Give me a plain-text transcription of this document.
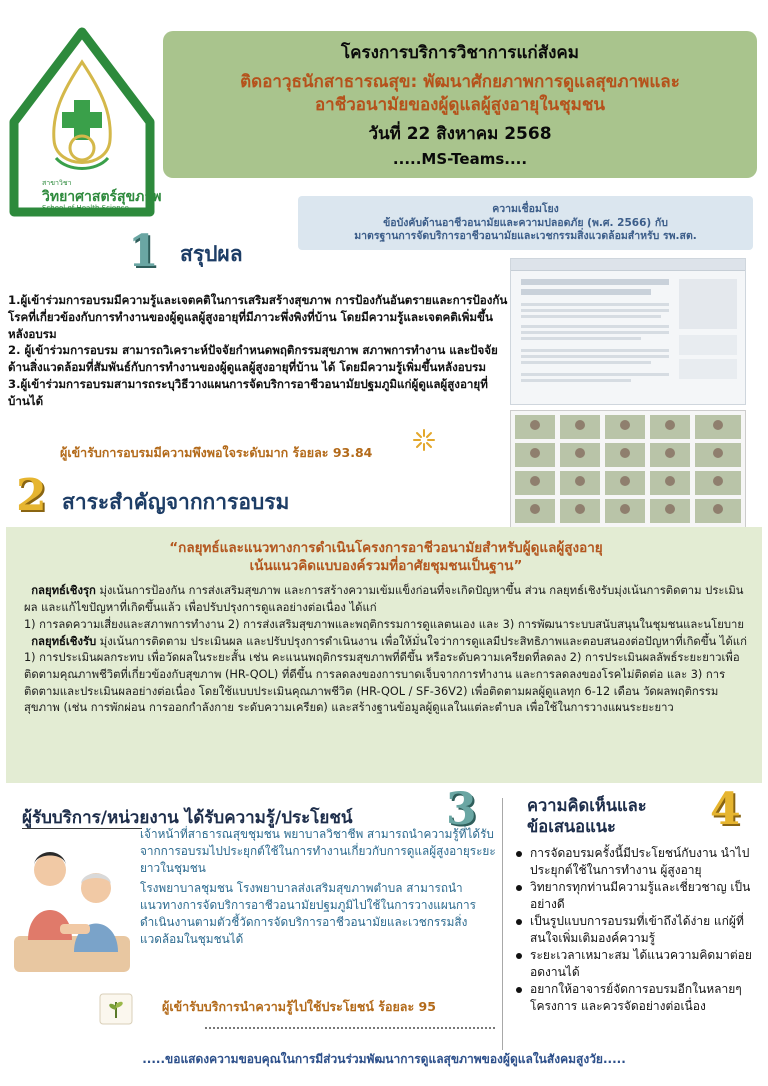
สาขาวิชา
วิทยาศาสตร์สุขภาพ
School of Health Science
โครงการบริการวิชาการแก่สังคม
ติดอาวุธนักสาธารณสุข: พัฒนาศักยภาพการดูแลสุขภาพและ
อาชีวอนามัยของผู้ดูแลผู้สูงอายุในชุมชน
วันที่ 22 สิงหาคม 2568
.....MS-Teams....
ความเชื่อมโยง
ข้อบังคับด้านอาชีวอนามัยและความปลอดภัย (พ.ศ. 2566) กับ
มาตรฐานการจัดบริการอาชีวอนามัยและเวชกรรมสิ่งแวดล้อมสำหรับ รพ.สต.
1 สรุปผล

1.ผู้เข้าร่วมการอบรมมีความรู้และเจตคติในการเสริมสร้างสุขภาพ การป้องกันอันตรายและการป้องกันโรคที่เกี่ยวข้องกับการทำงานของผู้ดูแลผู้สูงอายุที่มีภาวะพึ่งพิงที่บ้าน โดยมีความรู้และเจตคติเพิ่มขึ้นหลังอบรม

2. ผู้เข้าร่วมการอบรม สามารถวิเคราะห์ปัจจัยกำหนดพฤติกรรมสุขภาพ สภาพการทำงาน และปัจจัยด้านสิ่งแวดล้อมที่สัมพันธ์กับการทำงานของผู้ดูแลผู้สูงอายุที่บ้าน ได้ โดยมีความรู้เพิ่มขึ้นหลังอบรม

3.ผู้เข้าร่วมการอบรมสามารถระบุวิธีวางแผนการจัดบริการอาชีวอนามัยปฐมภูมิแก่ผู้ดูแลผู้สูงอายุที่บ้านได้

ผู้เข้ารับการอบรมมีความพึงพอใจระดับมาก ร้อยละ 93.84
2 สาระสำคัญจากการอบรม
“กลยุทธ์และแนวทางการดำเนินโครงการอาชีวอนามัยสำหรับผู้ดูแลผู้สูงอายุ
เน้นแนวคิดแบบองค์รวมที่อาศัยชุมชนเป็นฐาน”

กลยุทธ์เชิงรุก มุ่งเน้นการป้องกัน การส่งเสริมสุขภาพ และการสร้างความเข้มแข็งก่อนที่จะเกิดปัญหาขึ้น ส่วน กลยุทธ์เชิงรับมุ่งเน้นการติดตาม ประเมินผล และแก้ไขปัญหาที่เกิดขึ้นแล้ว เพื่อปรับปรุงการดูแลอย่างต่อเนื่อง ได้แก่

1) การลดความเสี่ยงและสภาพการทำงาน 2) การส่งเสริมสุขภาพและพฤติกรรมการดูแลตนเอง และ 3) การพัฒนาระบบสนับสนุนในชุมชนและนโยบาย

กลยุทธ์เชิงรับ มุ่งเน้นการติดตาม ประเมินผล และปรับปรุงการดำเนินงาน เพื่อให้มั่นใจว่าการดูแลมีประสิทธิภาพและตอบสนองต่อปัญหาที่เกิดขึ้น ได้แก่ 1) การประเมินผลกระทบ เพื่อวัดผลในระยะสั้น เช่น คะแนนพฤติกรรมสุขภาพที่ดีขึ้น หรือระดับความเครียดที่ลดลง 2) การประเมินผลลัพธ์ระยะยาวเพื่อติดตามคุณภาพชีวิตที่เกี่ยวข้องกับสุขภาพ (HR-QOL) ที่ดีขึ้น การลดลงของการบาดเจ็บจากการทำงาน และการลดลงของโรคไม่ติดต่อ และ 3) การติดตามและประเมินผลอย่างต่อเนื่อง โดยใช้แบบประเมินคุณภาพชีวิต (HR-QOL / SF-36V2) เพื่อติดตามผลผู้ดูแลทุก 6-12 เดือน วัดผลพฤติกรรมสุขภาพ (เช่น การพักผ่อน การออกกำลังกาย ระดับความเครียด) และสร้างฐานข้อมูลผู้ดูแลในแต่ละตำบล เพื่อใช้ในการวางแผนระยะยาว

ผู้รับบริการ/หน่วยงาน ได้รับความรู้/ประโยชน์ 3
เจ้าหน้าที่สาธารณสุขชุมชน พยาบาลวิชาชีพ สามารถนำความรู้ที่ได้รับจากการอบรมไปประยุกต์ใช้ในการทำงานเกี่ยวกับการดูแลผู้สูงอายุระยะยาวในชุมชน
โรงพยาบาลชุมชน โรงพยาบาลส่งเสริมสุขภาพตำบล สามารถนำแนวทางการจัดบริการอาชีวอนามัยปฐมภูมิไปใช้ในการวางแผนการดำเนินงานตามตัวชี้วัดการจัดบริการอาชีวอนามัยและเวชกรรมสิ่งแวดล้อมในชุมชนได้
ผู้เข้ารับบริการนำความรู้ไปใช้ประโยชน์ ร้อยละ 95
ความคิดเห็นและ
ข้อเสนอแนะ	4
การจัดอบรมครั้งนี้มีประโยชน์กับงาน นำไปประยุกต์ใช้ในการทำงาน ผู้สูงอายุ
วิทยากรทุกท่านมีความรู้และเชี่ยวชาญ เป็นอย่างดี
เป็นรูปแบบการอบรมที่เข้าถึงได้ง่าย แก่ผู้ที่สนใจเพิ่มเติมองค์ความรู้
ระยะเวลาเหมาะสม ได้แนวความคิดมาต่อยอดงานได้
อยากให้อาจารย์จัดการอบรมอีกในหลายๆโครงการ และควรจัดอย่างต่อเนื่อง
.....ขอแสดงความขอบคุณในการมีส่วนร่วมพัฒนาการดูแลสุขภาพของผู้ดูแลในสังคมสูงวัย.....
